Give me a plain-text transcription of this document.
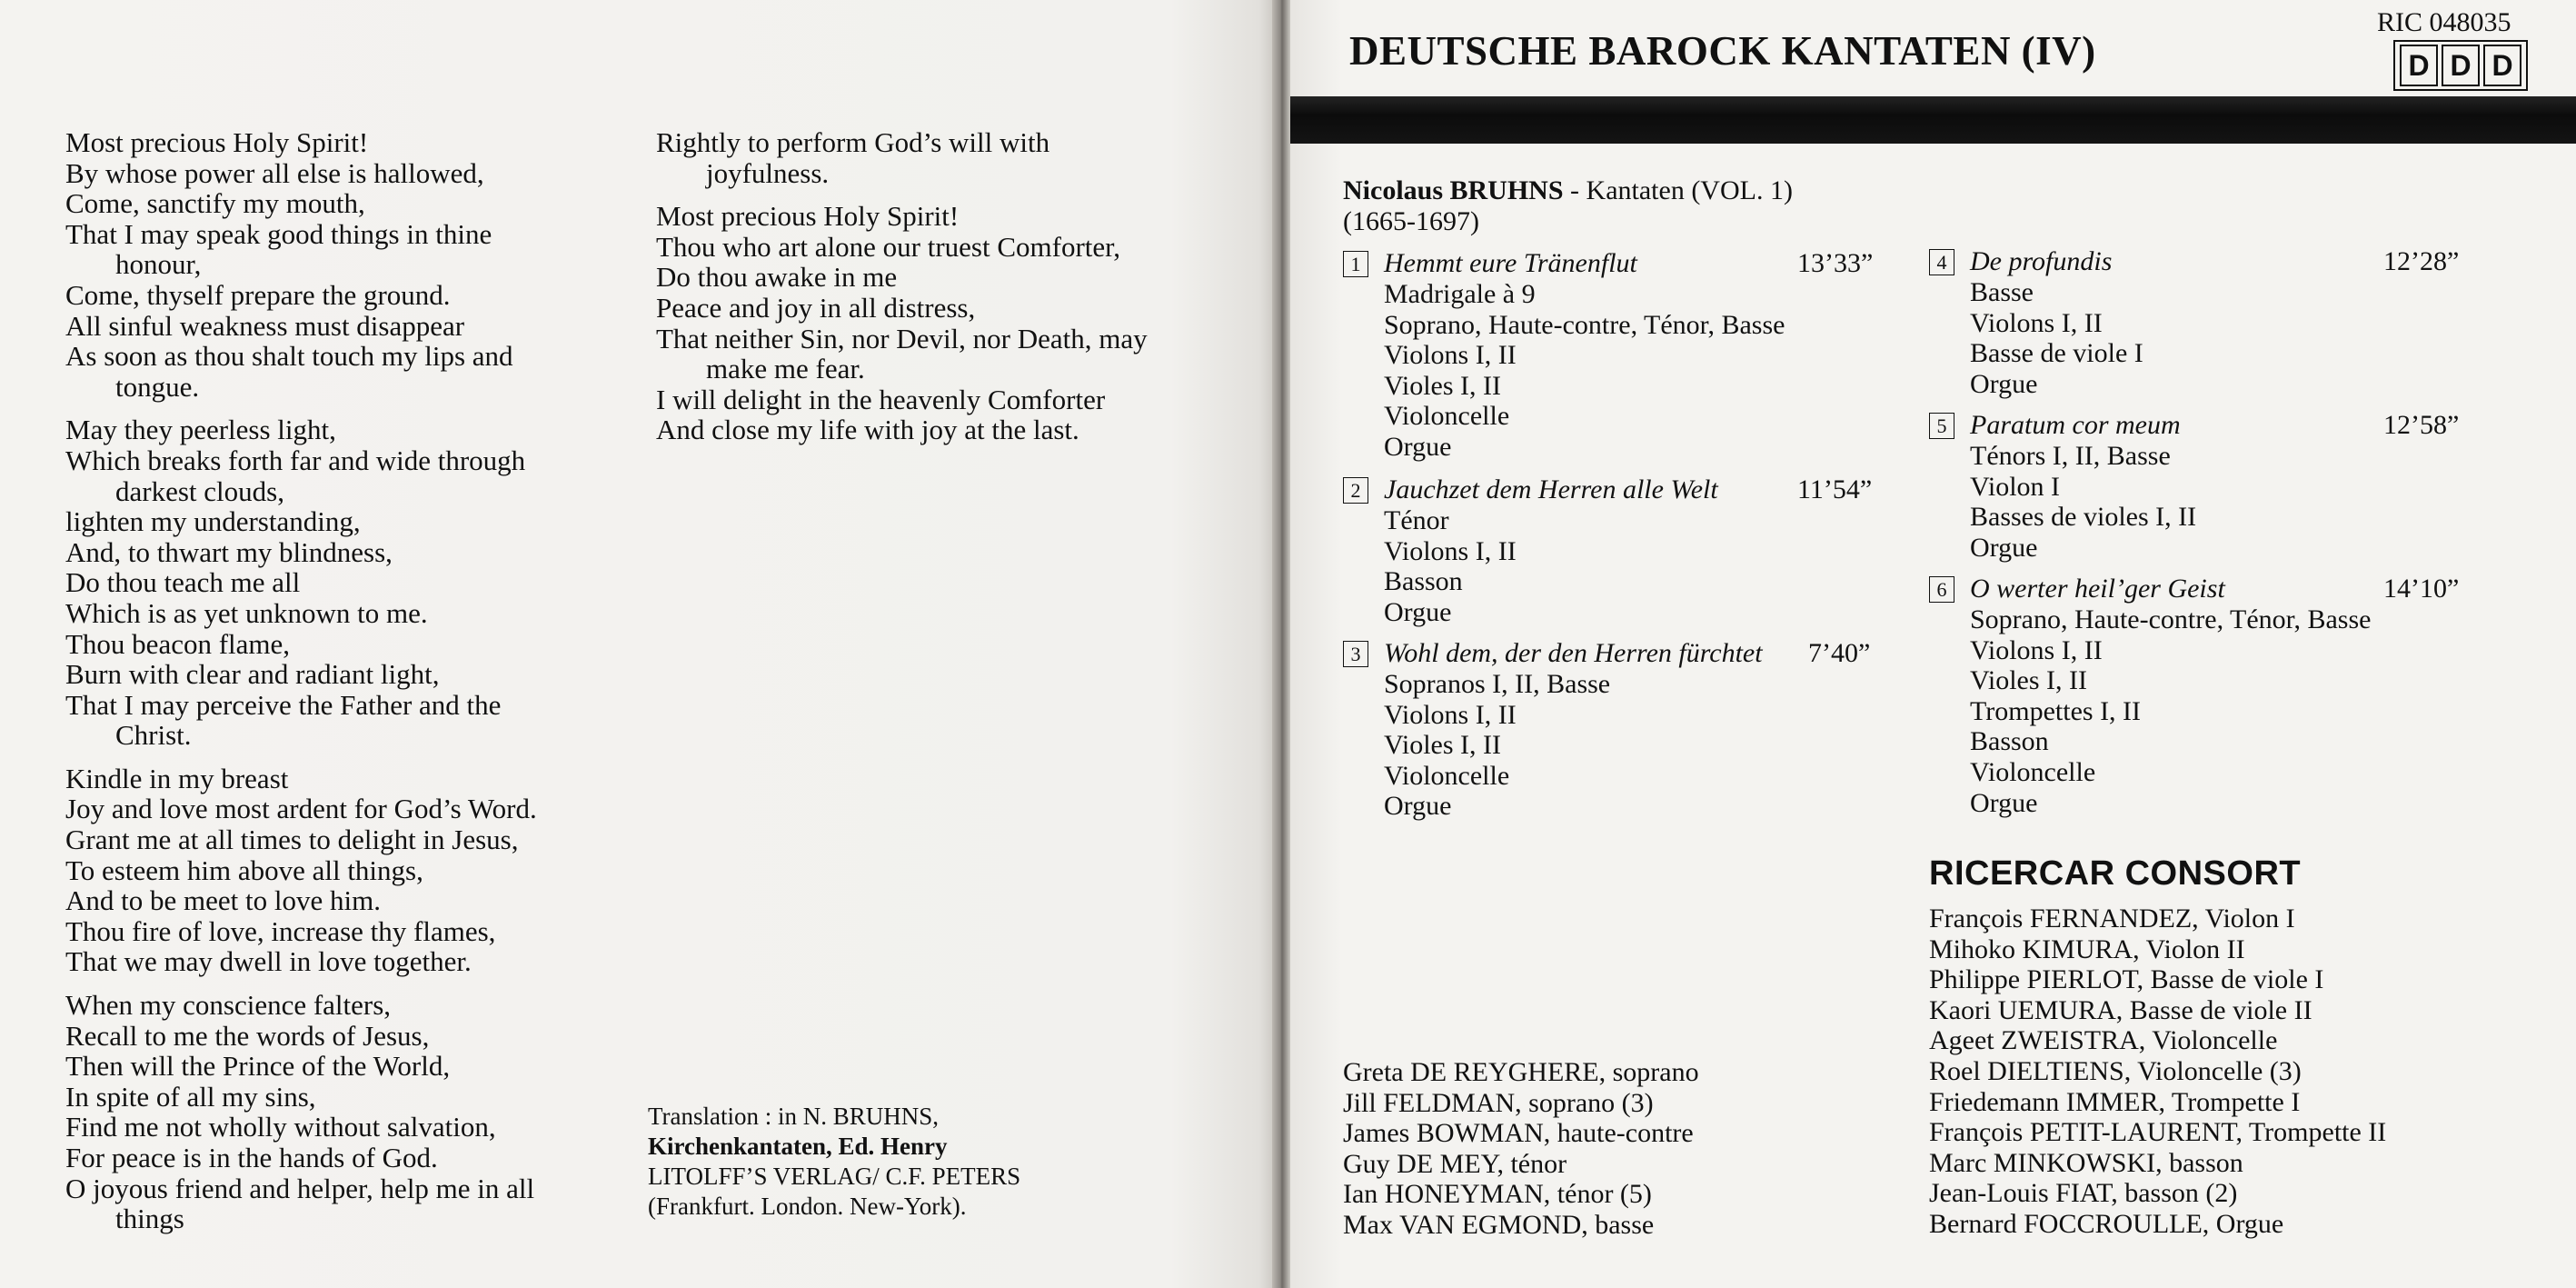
Most precious Holy Spirit!
By whose power all else is hallowed,
Come, sanctify my mouth,
That I may speak good things in thine
honour,
Come, thyself prepare the ground.
All sinful weakness must disappear
As soon as thou shalt touch my lips and
tongue.
May they peerless light,
Which breaks forth far and wide through
darkest clouds,
lighten my understanding,
And, to thwart my blindness,
Do thou teach me all
Which is as yet unknown to me.
Thou beacon flame,
Burn with clear and radiant light,
That I may perceive the Father and the
Christ.
Kindle in my breast
Joy and love most ardent for God’s Word.
Grant me at all times to delight in Jesus,
To esteem him above all things,
And to be meet to love him.
Thou fire of love, increase thy flames,
That we may dwell in love together.
When my conscience falters,
Recall to me the words of Jesus,
Then will the Prince of the World,
In spite of all my sins,
Find me not wholly without salvation,
For peace is in the hands of God.
O joyous friend and helper, help me in all
things
Rightly to perform God’s will with
joyfulness.
Most precious Holy Spirit!
Thou who art alone our truest Comforter,
Do thou awake in me
Peace and joy in all distress,
That neither Sin, nor Devil, nor Death, may
make me fear.
I will delight in the heavenly Comforter
And close my life with joy at the last.
Translation : in N. BRUHNS,
Kirchenkantaten, Ed. Henry
LITOLFF’S VERLAG/ C.F. PETERS
(Frankfurt. London. New-York).
DEUTSCHE BAROCK KANTATEN (IV)
RIC 048035
D D D
Nicolaus BRUHNS - Kantaten (VOL. 1)
(1665-1697)
1 Hemmt eure Tränenflut	13’33”
Madrigale à 9
Soprano, Haute-contre, Ténor, Basse
Violons I, II
Violes I, II
Violoncelle
Orgue
2 Jauchzet dem Herren alle Welt	11’54”
Ténor
Violons I, II
Basson
Orgue
3 Wohl dem, der den Herren fürchtet 7’40”
Sopranos I, II, Basse
Violons I, II
Violes I, II
Violoncelle
Orgue
4 De profundis	12’28”
Basse
Violons I, II
Basse de viole I
Orgue
5 Paratum cor meum	12’58”
Ténors I, II, Basse
Violon I
Basses de violes I, II
Orgue
6 O werter heil’ger Geist	14’10”
Soprano, Haute-contre, Ténor, Basse
Violons I, II
Violes I, II
Trompettes I, II
Basson
Violoncelle
Orgue
Greta DE REYGHERE, soprano
Jill FELDMAN, soprano (3)
James BOWMAN, haute-contre
Guy DE MEY, ténor
Ian HONEYMAN, ténor (5)
Max VAN EGMOND, basse
RICERCAR CONSORT
François FERNANDEZ, Violon I
Mihoko KIMURA, Violon II
Philippe PIERLOT, Basse de viole I
Kaori UEMURA, Basse de viole II
Ageet ZWEISTRA, Violoncelle
Roel DIELTIENS, Violoncelle (3)
Friedemann IMMER, Trompette I
François PETIT-LAURENT, Trompette II
Marc MINKOWSKI, basson
Jean-Louis FIAT, basson (2)
Bernard FOCCROULLE, Orgue
